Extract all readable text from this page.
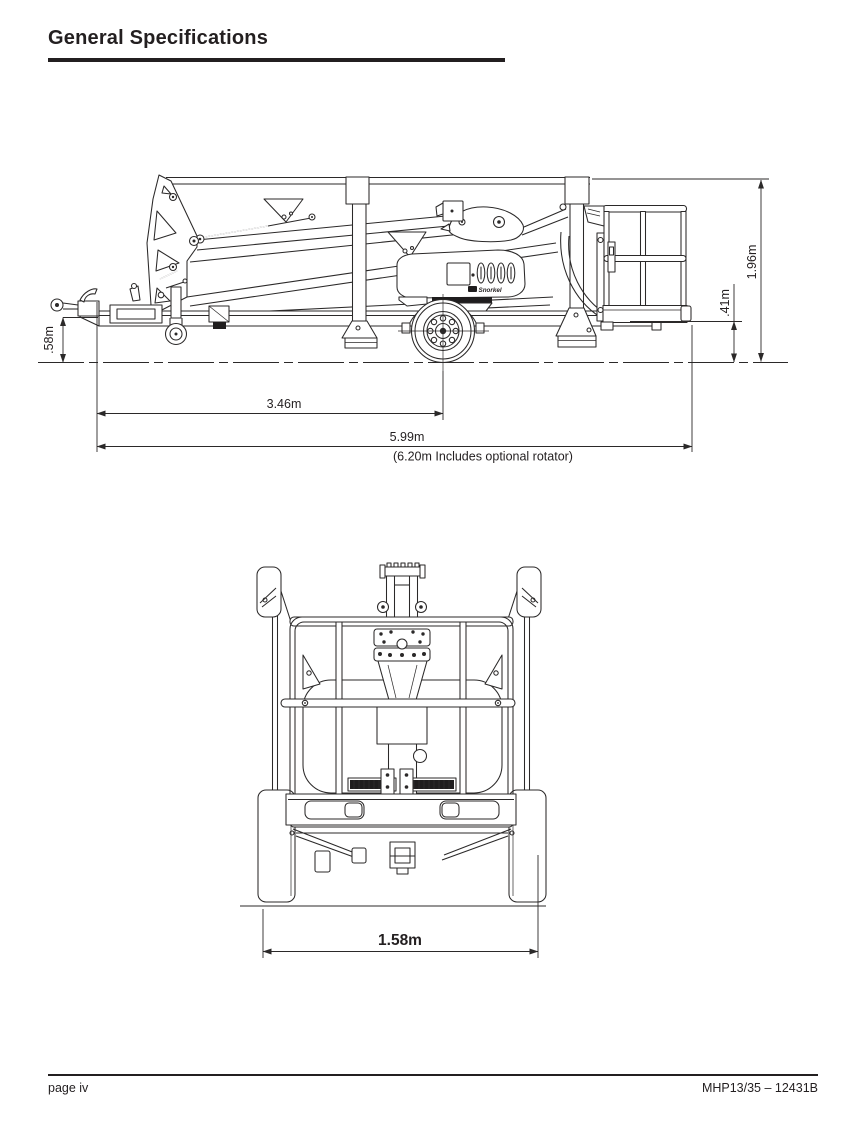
General Specifications
Snorkel
.58m
1.96m
.41m
3.46m
5.99m
(6.20m Includes optional rotator)
1.58m
page iv	MHP13/35 – 12431B
